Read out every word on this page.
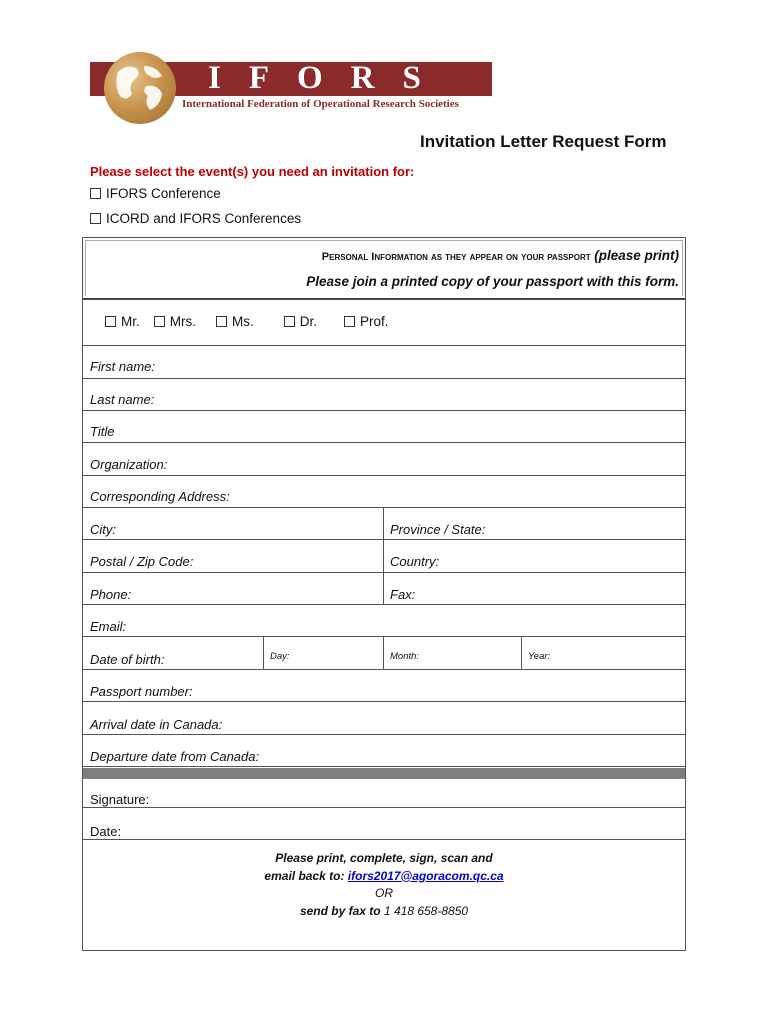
IFORS
International Federation of Operational Research Societies
Invitation Letter Request Form
Please select the event(s) you need an invitation for:
IFORS Conference
ICORD and IFORS Conferences
Personal Information as they appear on your passport (please print)
Please join a printed copy of your passport with this form.
Mr. Mrs.	Ms.	Dr.	Prof.
First name:
Last name:
Title
Organization:
Corresponding Address:
City:	Province / State:
Postal / Zip Code:	Country:
Phone:	Fax:
Email:
Date of birth:	Day:	Month:	Year:
Passport number:
Arrival date in Canada:
Departure date from Canada:
Signature:
Date:
Please print, complete, sign, scan and
email back to: ifors2017@agoracom.qc.ca
OR
send by fax to 1 418 658-8850
